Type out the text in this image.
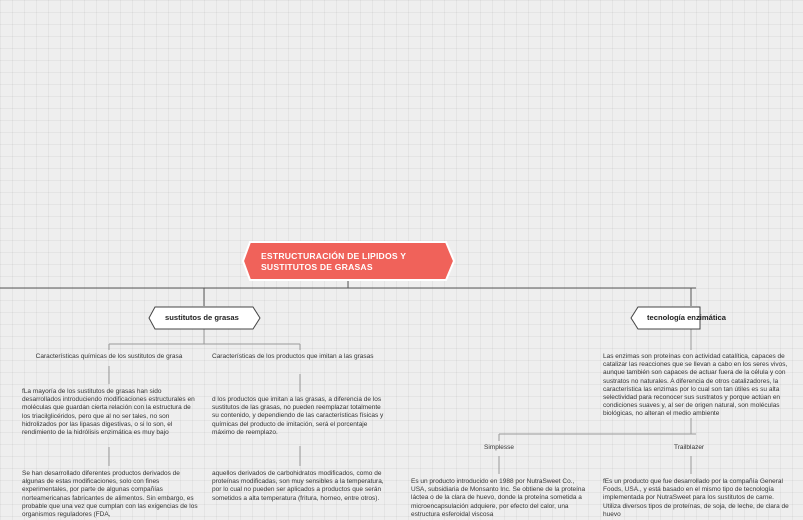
ESTRUCTURACIÓN DE LIPIDOS Y
SUSTITUTOS DE GRASAS
sustitutos de grasas
Características químicas de los sustitutos de grasa
fLa mayoría de los sustitutos de grasas han sido desarrollados introduciendo modificaciones estructurales en moléculas que guardan cierta relación con la estructura de los triacilglicéridos, pero que al no ser tales, no son hidrolizados por las lipasas digestivas, o si lo son, el rendimiento de la hidrólisis enzimática es muy bajo
Se han desarrollado diferentes productos derivados de algunas de estas modificaciones, solo con fines experimentales, por parte de algunas compañías norteamericanas fabricantes de alimentos. Sin embargo, es probable que una vez que cumplan con las exigencias de los organismos reguladores (FDA,
Características de los productos que imitan a las grasas
d los productos que imitan a las grasas, a diferencia de los sustitutos de las grasas, no pueden reemplazar totalmente su contenido, y dependiendo de las características físicas y químicas del producto de imitación, será el porcentaje máximo de reemplazo.
aquellos derivados de carbohidratos modificados, como de proteínas modificadas, son muy sensibles a la temperatura, por lo cual no pueden ser aplicados a productos que serán sometidos a alta temperatura (fritura, horneo, entre otros).
tecnología enzimática
Las enzimas son proteínas con actividad catalítica, capaces de catalizar las reacciones que se llevan a cabo en los seres vivos, aunque también son capaces de actuar fuera de la célula y con sustratos no naturales. A diferencia de otros catalizadores, la característica las enzimas por lo cual son tan útiles es su alta selectividad para reconocer sus sustratos y porque actúan en condiciones suaves y, al ser de origen natural, son moléculas biológicas, no alteran el medio ambiente
Simplesse
Es un producto introducido en 1988 por NutraSweet Co., USA, subsidiaria de Monsanto Inc. Se obtiene de la proteína láctea o de la clara de huevo, donde la proteína sometida a microencapsulación adquiere, por efecto del calor, una estructura esferoidal viscosa
Trailblazer
fEs un producto que fue desarrollado por la compañía General Foods, USA., y está basado en el mismo tipo de tecnología implementada por NutraSweet para los sustitutos de carne. Utiliza diversos tipos de proteínas, de soja, de leche, de clara de huevo
